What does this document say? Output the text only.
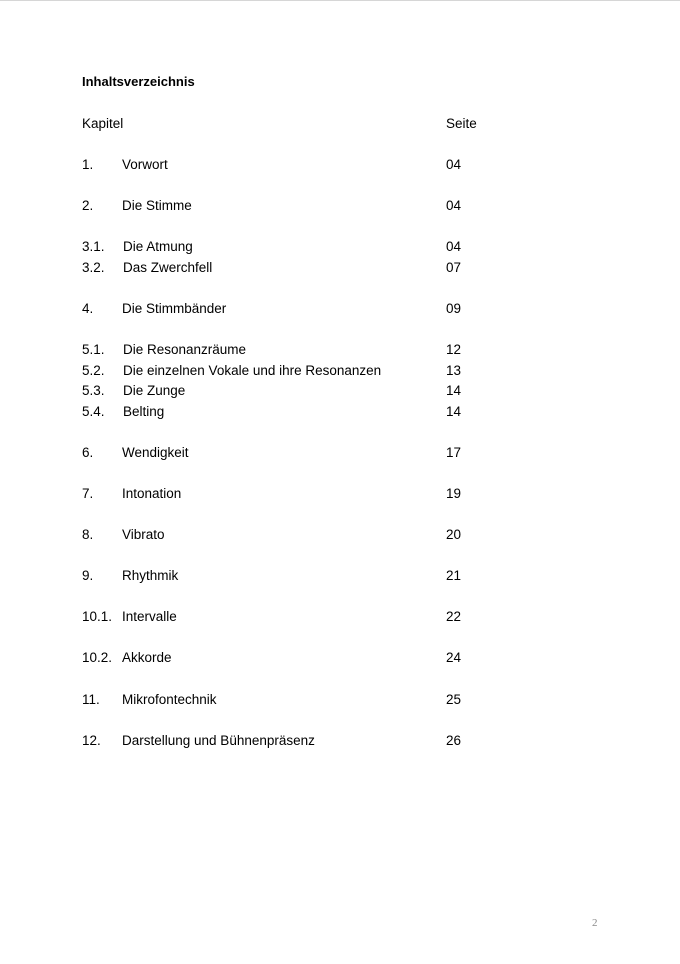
Inhaltsverzeichnis
Kapitel	Seite
1. Vorwort	04
2. Die Stimme	04
3.1. Die Atmung	04
3.2. Das Zwerchfell	07
4. Die Stimmbänder	09
5.1. Die Resonanzräume	12
5.2. Die einzelnen Vokale und ihre Resonanzen	13
5.3. Die Zunge	14
5.4. Belting	14
6. Wendigkeit	17
7. Intonation	19
8. Vibrato	20
9. Rhythmik	21
10.1. Intervalle	22
10.2. Akkorde	24
11. Mikrofontechnik	25
12. Darstellung und Bühnenpräsenz	26
2
